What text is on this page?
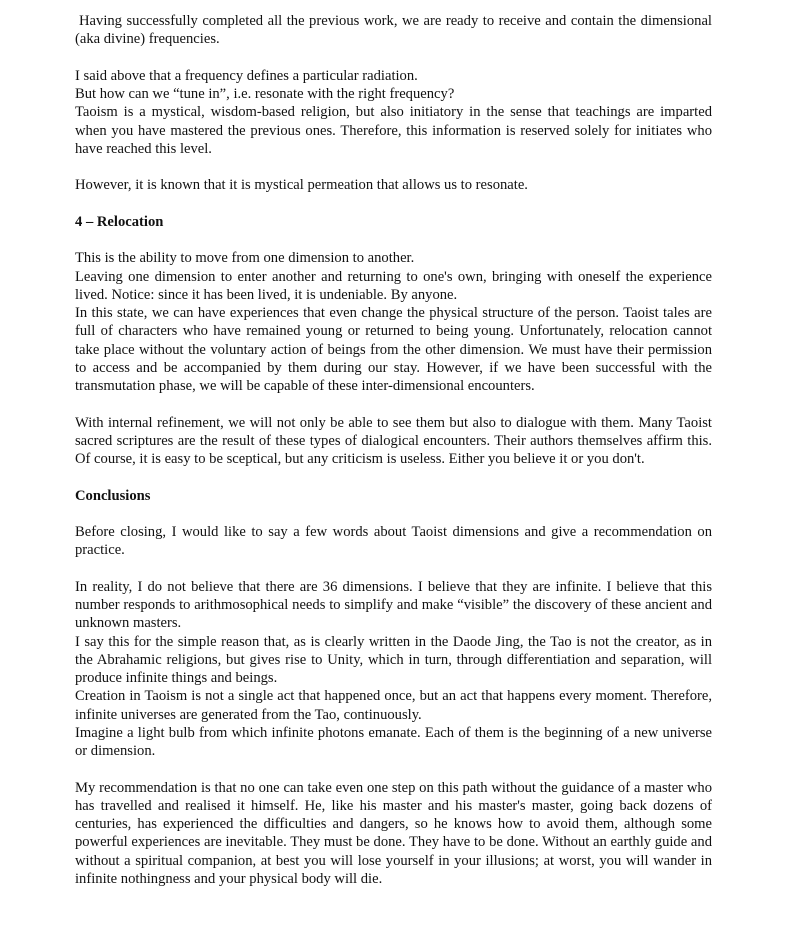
Having successfully completed all the previous work, we are ready to receive and contain the dimensional (aka divine) frequencies.

I said above that a frequency defines a particular radiation.

But how can we “tune in”, i.e. resonate with the right frequency?

Taoism is a mystical, wisdom-based religion, but also initiatory in the sense that teachings are imparted when you have mastered the previous ones. Therefore, this information is reserved solely for initiates who have reached this level.

However, it is known that it is mystical permeation that allows us to resonate.

4 – Relocation

This is the ability to move from one dimension to another.

Leaving one dimension to enter another and returning to one's own, bringing with oneself the experience lived. Notice: since it has been lived, it is undeniable. By anyone.

In this state, we can have experiences that even change the physical structure of the person. Taoist tales are full of characters who have remained young or returned to being young. Unfortunately, relocation cannot take place without the voluntary action of beings from the other dimension. We must have their permission to access and be accompanied by them during our stay. However, if we have been successful with the transmutation phase, we will be capable of these inter-dimensional encounters.

With internal refinement, we will not only be able to see them but also to dialogue with them. Many Taoist sacred scriptures are the result of these types of dialogical encounters. Their authors themselves affirm this. Of course, it is easy to be sceptical, but any criticism is useless. Either you believe it or you don't.

Conclusions

Before closing, I would like to say a few words about Taoist dimensions and give a recommendation on practice.

In reality, I do not believe that there are 36 dimensions. I believe that they are infinite. I believe that this number responds to arithmosophical needs to simplify and make “visible” the discovery of these ancient and unknown masters.

I say this for the simple reason that, as is clearly written in the Daode Jing, the Tao is not the creator, as in the Abrahamic religions, but gives rise to Unity, which in turn, through differentiation and separation, will produce infinite things and beings.

Creation in Taoism is not a single act that happened once, but an act that happens every moment. Therefore, infinite universes are generated from the Tao, continuously.

Imagine a light bulb from which infinite photons emanate. Each of them is the beginning of a new universe or dimension.

My recommendation is that no one can take even one step on this path without the guidance of a master who has travelled and realised it himself. He, like his master and his master's master, going back dozens of centuries, has experienced the difficulties and dangers, so he knows how to avoid them, although some powerful experiences are inevitable. They must be done. They have to be done. Without an earthly guide and without a spiritual companion, at best you will lose yourself in your illusions; at worst, you will wander in infinite nothingness and your physical body will die.
